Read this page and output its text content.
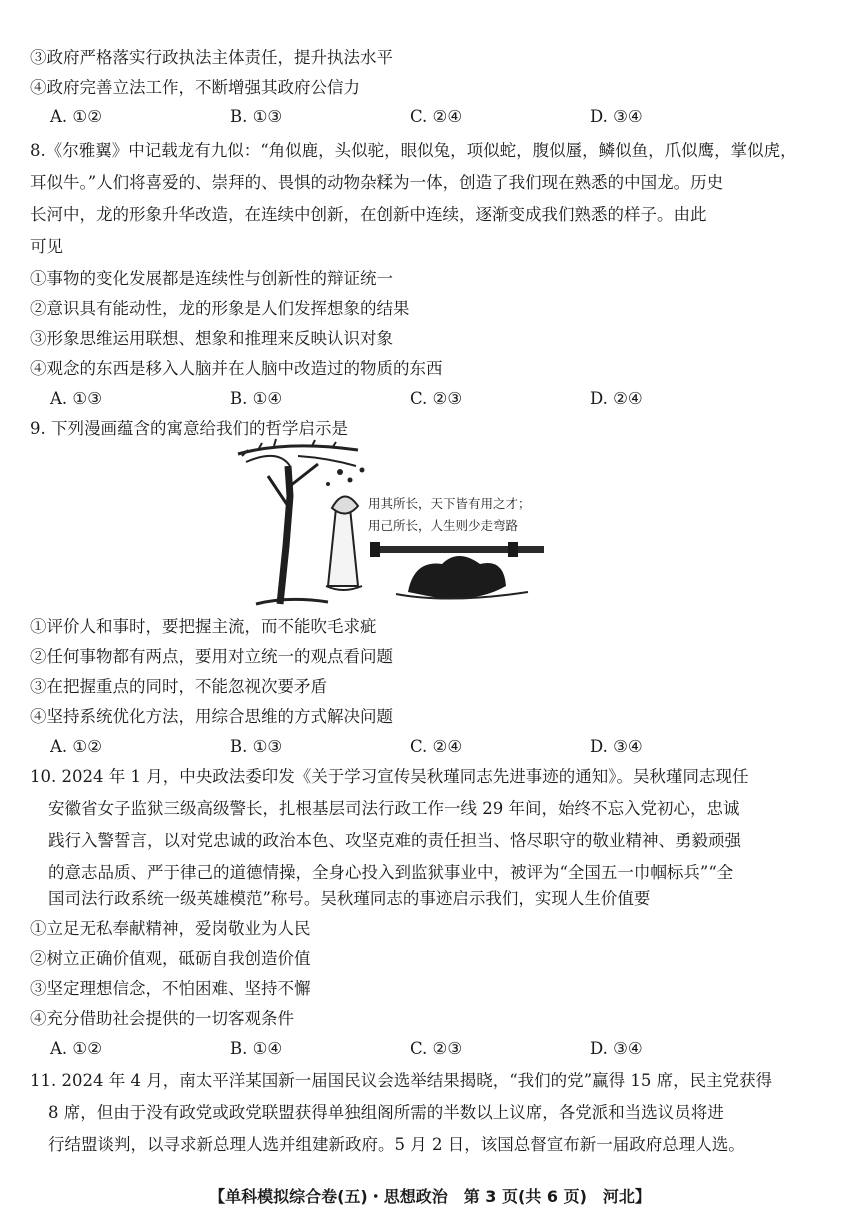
③政府严格落实行政执法主体责任，提升执法水平
④政府完善立法工作，不断增强其政府公信力
A. ①②	B. ①③	C. ②④	D. ③④
8.《尔雅翼》中记载龙有九似：“角似鹿，头似驼，眼似兔，项似蛇，腹似蜃，鳞似鱼，爪似鹰，掌似虎，
耳似牛。”人们将喜爱的、崇拜的、畏惧的动物杂糅为一体，创造了我们现在熟悉的中国龙。历史
长河中，龙的形象升华改造，在连续中创新，在创新中连续，逐渐变成我们熟悉的样子。由此
可见
①事物的变化发展都是连续性与创新性的辩证统一
②意识具有能动性，龙的形象是人们发挥想象的结果
③形象思维运用联想、想象和推理来反映认识对象
④观念的东西是移入人脑并在人脑中改造过的物质的东西
A. ①③	B. ①④	C. ②③	D. ②④
9. 下列漫画蕴含的寓意给我们的哲学启示是
用其所长，天下皆有用之才；
用己所长，人生则少走弯路
①评价人和事时，要把握主流，而不能吹毛求疵
②任何事物都有两点，要用对立统一的观点看问题
③在把握重点的同时，不能忽视次要矛盾
④坚持系统优化方法，用综合思维的方式解决问题
A. ①②	B. ①③	C. ②④	D. ③④
10. 2024 年 1 月，中央政法委印发《关于学习宣传吴秋瑾同志先进事迹的通知》。吴秋瑾同志现任
安徽省女子监狱三级高级警长，扎根基层司法行政工作一线 29 年间，始终不忘入党初心，忠诚
践行入警誓言，以对党忠诚的政治本色、攻坚克难的责任担当、恪尽职守的敬业精神、勇毅顽强
的意志品质、严于律己的道德情操，全身心投入到监狱事业中，被评为“全国五一巾帼标兵”“全
国司法行政系统一级英雄模范”称号。吴秋瑾同志的事迹启示我们，实现人生价值要
①立足无私奉献精神，爱岗敬业为人民
②树立正确价值观，砥砺自我创造价值
③坚定理想信念，不怕困难、坚持不懈
④充分借助社会提供的一切客观条件
A. ①②	B. ①④	C. ②③	D. ③④
11. 2024 年 4 月，南太平洋某国新一届国民议会选举结果揭晓，“我们的党”赢得 15 席，民主党获得
8 席，但由于没有政党或政党联盟获得单独组阁所需的半数以上议席，各党派和当选议员将进
行结盟谈判，以寻求新总理人选并组建新政府。5 月 2 日，该国总督宣布新一届政府总理人选。
【单科模拟综合卷(五)・思想政治　第 3 页(共 6 页)　河北】
